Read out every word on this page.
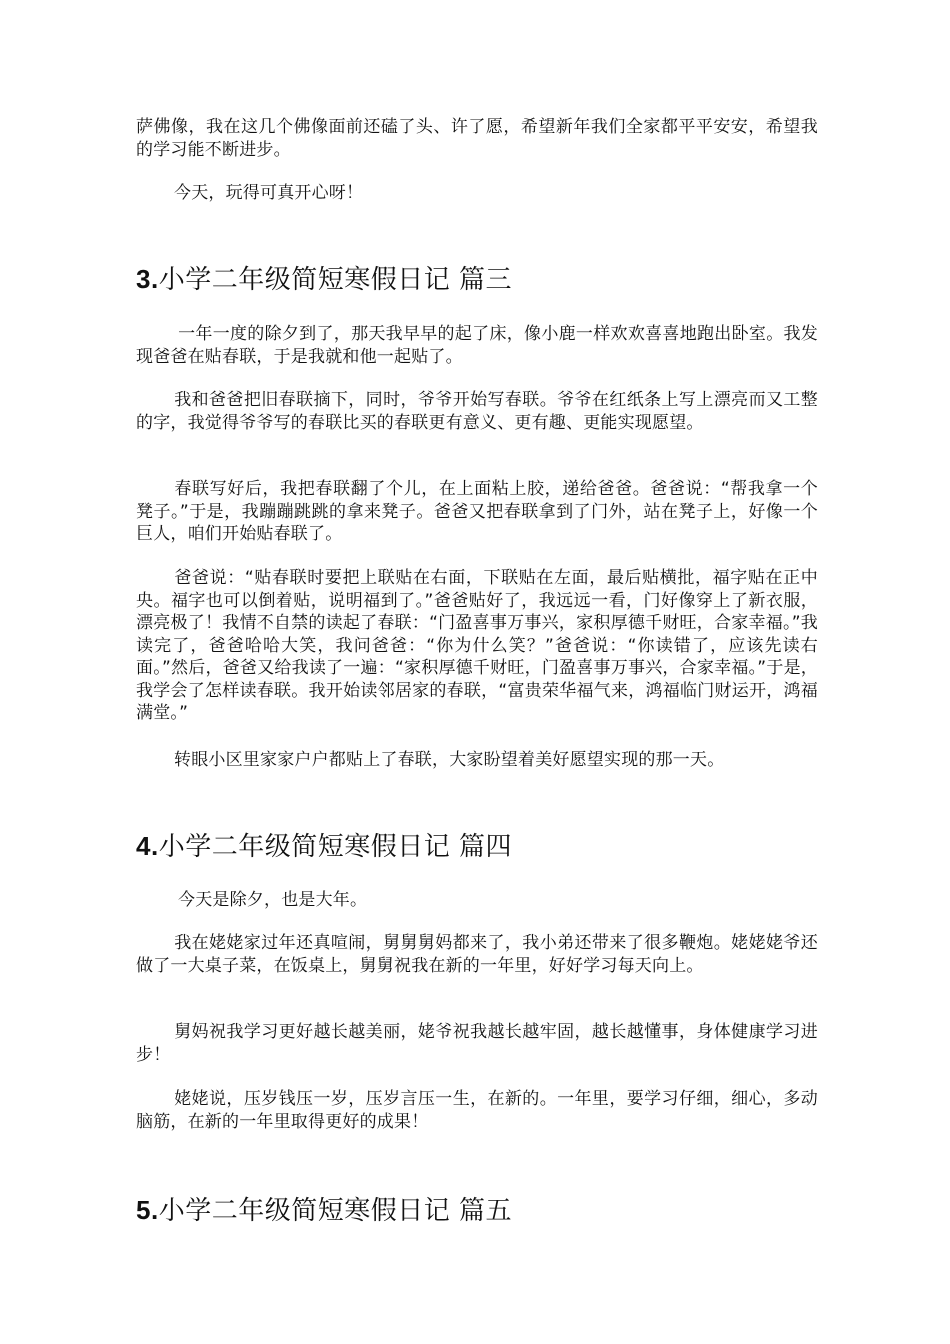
萨佛像，我在这几个佛像面前还磕了头、许了愿，希望新年我们全家都平平安安，希望我的学习能不断进步。

今天，玩得可真开心呀！

3.小学二年级简短寒假日记 篇三

一年一度的除夕到了，那天我早早的起了床，像小鹿一样欢欢喜喜地跑出卧室。我发现爸爸在贴春联，于是我就和他一起贴了。

我和爸爸把旧春联摘下，同时，爷爷开始写春联。爷爷在红纸条上写上漂亮而又工整的字，我觉得爷爷写的春联比买的春联更有意义、更有趣、更能实现愿望。

春联写好后，我把春联翻了个儿，在上面粘上胶，递给爸爸。爸爸说：“帮我拿一个凳子。”于是，我蹦蹦跳跳的拿来凳子。爸爸又把春联拿到了门外，站在凳子上，好像一个巨人，咱们开始贴春联了。

爸爸说：“贴春联时要把上联贴在右面，下联贴在左面，最后贴横批，福字贴在正中央。福字也可以倒着贴，说明福到了。”爸爸贴好了，我远远一看，门好像穿上了新衣服，漂亮极了！我情不自禁的读起了春联：“门盈喜事万事兴，家积厚德千财旺，合家幸福。”我读完了，爸爸哈哈大笑，我问爸爸：“你为什么笑？”爸爸说：“你读错了，应该先读右面。”然后，爸爸又给我读了一遍：“家积厚德千财旺，门盈喜事万事兴，合家幸福。”于是，我学会了怎样读春联。我开始读邻居家的春联，“富贵荣华福气来，鸿福临门财运开，鸿福满堂。”

转眼小区里家家户户都贴上了春联，大家盼望着美好愿望实现的那一天。

4.小学二年级简短寒假日记 篇四

今天是除夕，也是大年。

我在姥姥家过年还真喧闹，舅舅舅妈都来了，我小弟还带来了很多鞭炮。姥姥姥爷还做了一大桌子菜，在饭桌上，舅舅祝我在新的一年里，好好学习每天向上。

舅妈祝我学习更好越长越美丽，姥爷祝我越长越牢固，越长越懂事，身体健康学习进步！

姥姥说，压岁钱压一岁，压岁言压一生，在新的。一年里，要学习仔细，细心，多动脑筋，在新的一年里取得更好的成果！

5.小学二年级简短寒假日记 篇五
